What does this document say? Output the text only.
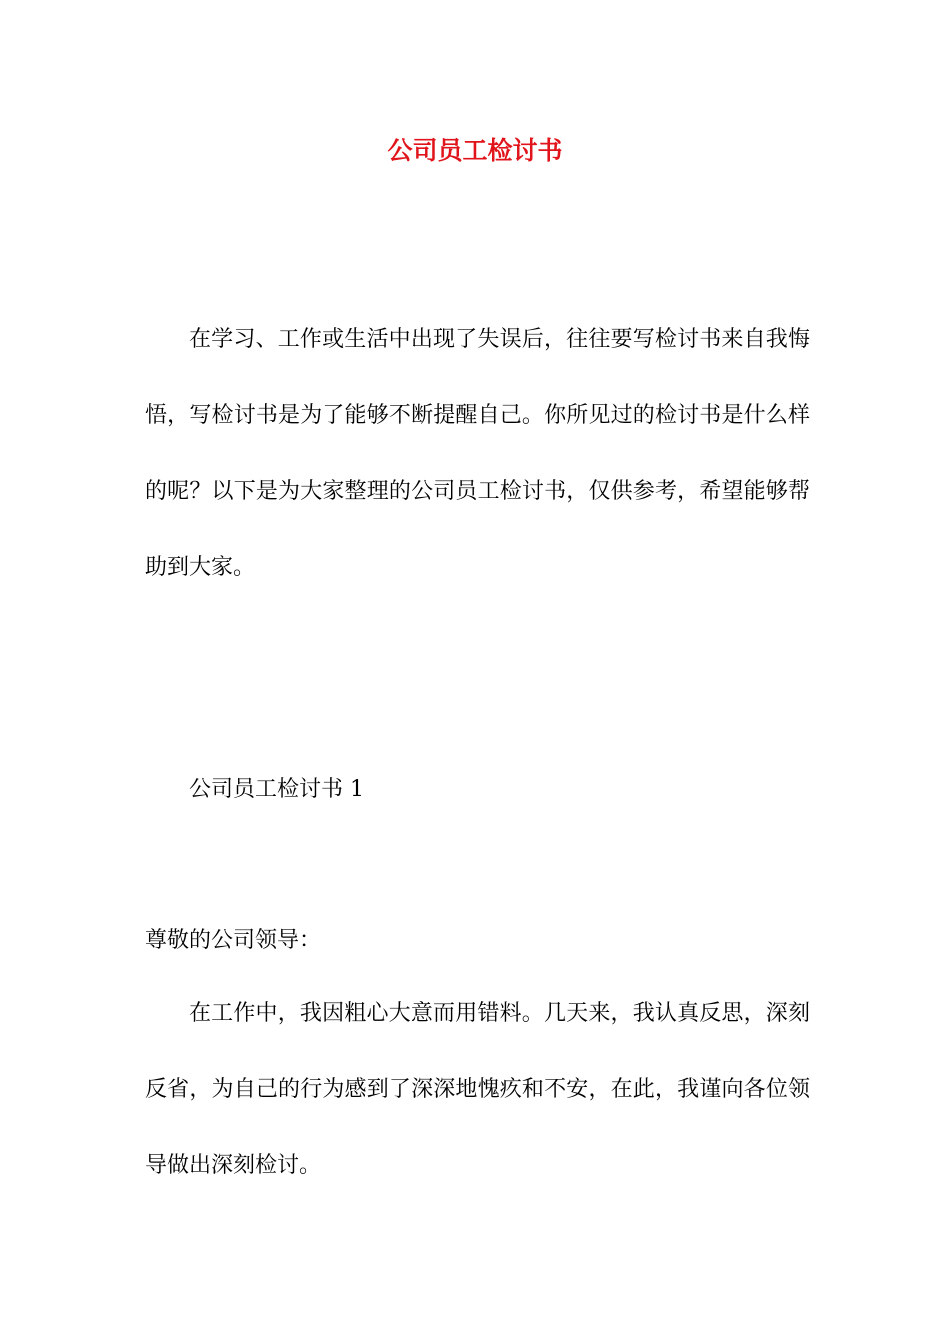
公司员工检讨书

在学习、工作或生活中出现了失误后，往往要写检讨书来自我悔悟，写检讨书是为了能够不断提醒自己。你所见过的检讨书是什么样的呢？以下是为大家整理的公司员工检讨书，仅供参考，希望能够帮助到大家。

公司员工检讨书 1

尊敬的公司领导：

在工作中，我因粗心大意而用错料。几天来，我认真反思，深刻反省，为自己的行为感到了深深地愧疚和不安，在此，我谨向各位领导做出深刻检讨。
